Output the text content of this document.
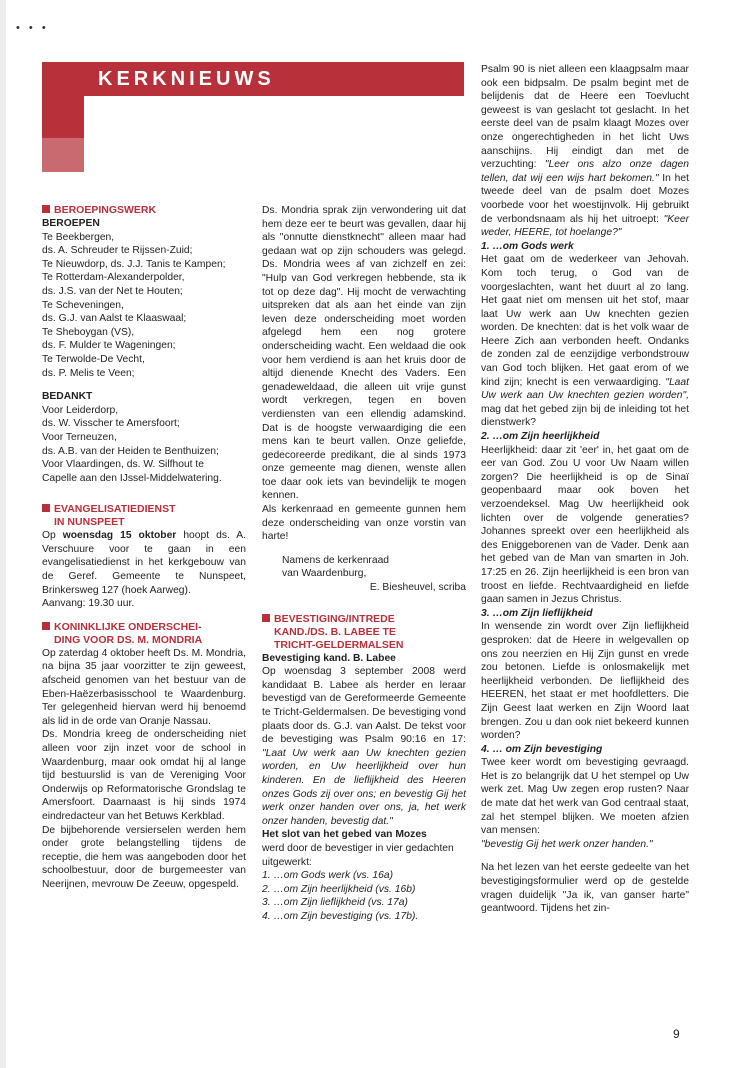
• • •
KERKNIEUWS
BEROEPINGSWERK
BEROEPEN

Te Beekbergen,

ds. A. Schreuder te Rijssen-Zuid;

Te Nieuwdorp, ds. J.J. Tanis te Kampen;

Te Rotterdam-Alexanderpolder,

ds. J.S. van der Net te Houten;

Te Scheveningen,

ds. G.J. van Aalst te Klaaswaal;

Te Sheboygan (VS),

ds. F. Mulder te Wageningen;

Te Terwolde-De Vecht,

ds. P. Melis te Veen;

BEDANKT

Voor Leiderdorp,

ds. W. Visscher te Amersfoort;

Voor Terneuzen,

ds. A.B. van der Heiden te Benthuizen;

Voor Vlaardingen, ds. W. Silfhout te

Capelle aan den IJssel-Middelwatering.

EVANGELISATIEDIENST
IN NUNSPEET

Op woensdag 15 oktober hoopt ds. A. Verschuure voor te gaan in een evangelisatiedienst in het kerkgebouw van de Geref. Gemeente te Nunspeet, Brinkersweg 127 (hoek Aarweg).

Aanvang: 19.30 uur.

KONINKLIJKE ONDERSCHEI-
DING VOOR DS. M. MONDRIA

Op zaterdag 4 oktober heeft Ds. M. Mondria, na bijna 35 jaar voorzitter te zijn geweest, afscheid genomen van het bestuur van de Eben-Haëzerbasisschool te Waardenburg. Ter gelegenheid hiervan werd hij benoemd als lid in de orde van Oranje Nassau.

Ds. Mondria kreeg de onderscheiding niet alleen voor zijn inzet voor de school in Waardenburg, maar ook omdat hij al lange tijd bestuurslid is van de Vereniging Voor Onderwijs op Reformatorische Grondslag te Amersfoort. Daarnaast is hij sinds 1974 eindredacteur van het Betuws Kerkblad.

De bijbehorende versierselen werden hem onder grote belangstelling tijdens de receptie, die hem was aangeboden door het schoolbestuur, door de burgemeester van Neerijnen, mevrouw De Zeeuw, opgespeld.

Ds. Mondria sprak zijn verwondering uit dat hem deze eer te beurt was gevallen, daar hij als "onnutte dienstknecht" alleen maar had gedaan wat op zijn schouders was gelegd. Ds. Mondria wees af van zichzelf en zei: "Hulp van God verkregen hebbende, sta ik tot op deze dag". Hij mocht de verwachting uitspreken dat als aan het einde van zijn leven deze onderscheiding moet worden afgelegd hem een nog grotere onderscheiding wacht. Een weldaad die ook voor hem verdiend is aan het kruis door de altijd dienende Knecht des Vaders. Een genadeweldaad, die alleen uit vrije gunst wordt verkregen, tegen en boven verdiensten van een ellendig adamskind. Dat is de hoogste verwaardiging die een mens kan te beurt vallen. Onze geliefde, gedecoreerde predikant, die al sinds 1973 onze gemeente mag dienen, wenste allen toe daar ook iets van bevindelijk te mogen kennen.

Als kerkenraad en gemeente gunnen hem deze onderscheiding van onze vorstin van harte!

Namens de kerkenraad

van Waardenburg,

E. Biesheuvel, scriba

BEVESTIGING/INTREDE
KAND./DS. B. LABEE TE
TRICHT-GELDERMALSEN
Bevestiging kand. B. Labee

Op woensdag 3 september 2008 werd kandidaat B. Labee als herder en leraar bevestigd van de Gereformeerde Gemeente te Tricht-Geldermalsen. De bevestiging vond plaats door ds. G.J. van Aalst. De tekst voor de bevestiging was Psalm 90:16 en 17: "Laat Uw werk aan Uw knechten gezien worden, en Uw heerlijkheid over hun kinderen. En de lieflijkheid des Heeren onzes Gods zij over ons; en bevestig Gij het werk onzer handen over ons, ja, het werk onzer handen, bevestig dat."

Het slot van het gebed van Mozes

werd door de bevestiger in vier gedachten uitgewerkt:

1. …om Gods werk (vs. 16a)

2. …om Zijn heerlijkheid (vs. 16b)

3. …om Zijn lieflijkheid (vs. 17a)

4. …om Zijn bevestiging (vs. 17b).

Psalm 90 is niet alleen een klaagpsalm maar ook een bidpsalm. De psalm begint met de belijdenis dat de Heere een Toevlucht geweest is van geslacht tot geslacht. In het eerste deel van de psalm klaagt Mozes over onze ongerechtigheden in het licht Uws aanschijns. Hij eindigt dan met de verzuchting: "Leer ons alzo onze dagen tellen, dat wij een wijs hart bekomen." In het tweede deel van de psalm doet Mozes voorbede voor het woestijnvolk. Hij gebruikt de verbondsnaam als hij het uitroept: "Keer weder, HEERE, tot hoelange?"

1. …om Gods werk

Het gaat om de wederkeer van Jehovah. Kom toch terug, o God van de voorgeslachten, want het duurt al zo lang. Het gaat niet om mensen uit het stof, maar laat Uw werk aan Uw knechten gezien worden. De knechten: dat is het volk waar de Heere Zich aan verbonden heeft. Ondanks de zonden zal de eenzijdige verbondstrouw van God toch blijken. Het gaat erom of we kind zijn; knecht is een verwaardiging. "Laat Uw werk aan Uw knechten gezien worden", mag dat het gebed zijn bij de inleiding tot het dienstwerk?

2. …om Zijn heerlijkheid

Heerlijkheid: daar zit 'eer' in, het gaat om de eer van God. Zou U voor Uw Naam willen zorgen? Die heerlijkheid is op de Sinaï geopenbaard maar ook boven het verzoendeksel. Mag Uw heerlijkheid ook lichten over de volgende generaties? Johannes spreekt over een heerlijkheid als des Eniggeborenen van de Vader. Denk aan het gebed van de Man van smarten in Joh. 17:25 en 26. Zijn heerlijkheid is een bron van troost en liefde. Rechtvaardigheid en liefde gaan samen in Jezus Christus.

3. …om Zijn lieflijkheid

In wensende zin wordt over Zijn lieflijkheid gesproken: dat de Heere in welgevallen op ons zou neerzien en Hij Zijn gunst en vrede zou betonen. Liefde is onlosmakelijk met heerlijkheid verbonden. De lieflijkheid des HEEREN, het staat er met hoofdletters. Die Zijn Geest laat werken en Zijn Woord laat brengen. Zou u dan ook niet bekeerd kunnen worden?

4. … om Zijn bevestiging

Twee keer wordt om bevestiging gevraagd. Het is zo belangrijk dat U het stempel op Uw werk zet. Mag Uw zegen erop rusten? Naar de mate dat het werk van God centraal staat, zal het stempel blijken. We moeten afzien van mensen:

"bevestig Gij het werk onzer handen."

Na het lezen van het eerste gedeelte van het bevestigingsformulier werd op de gestelde vragen duidelijk "Ja ik, van ganser harte" geantwoord. Tijdens het zin-

9
